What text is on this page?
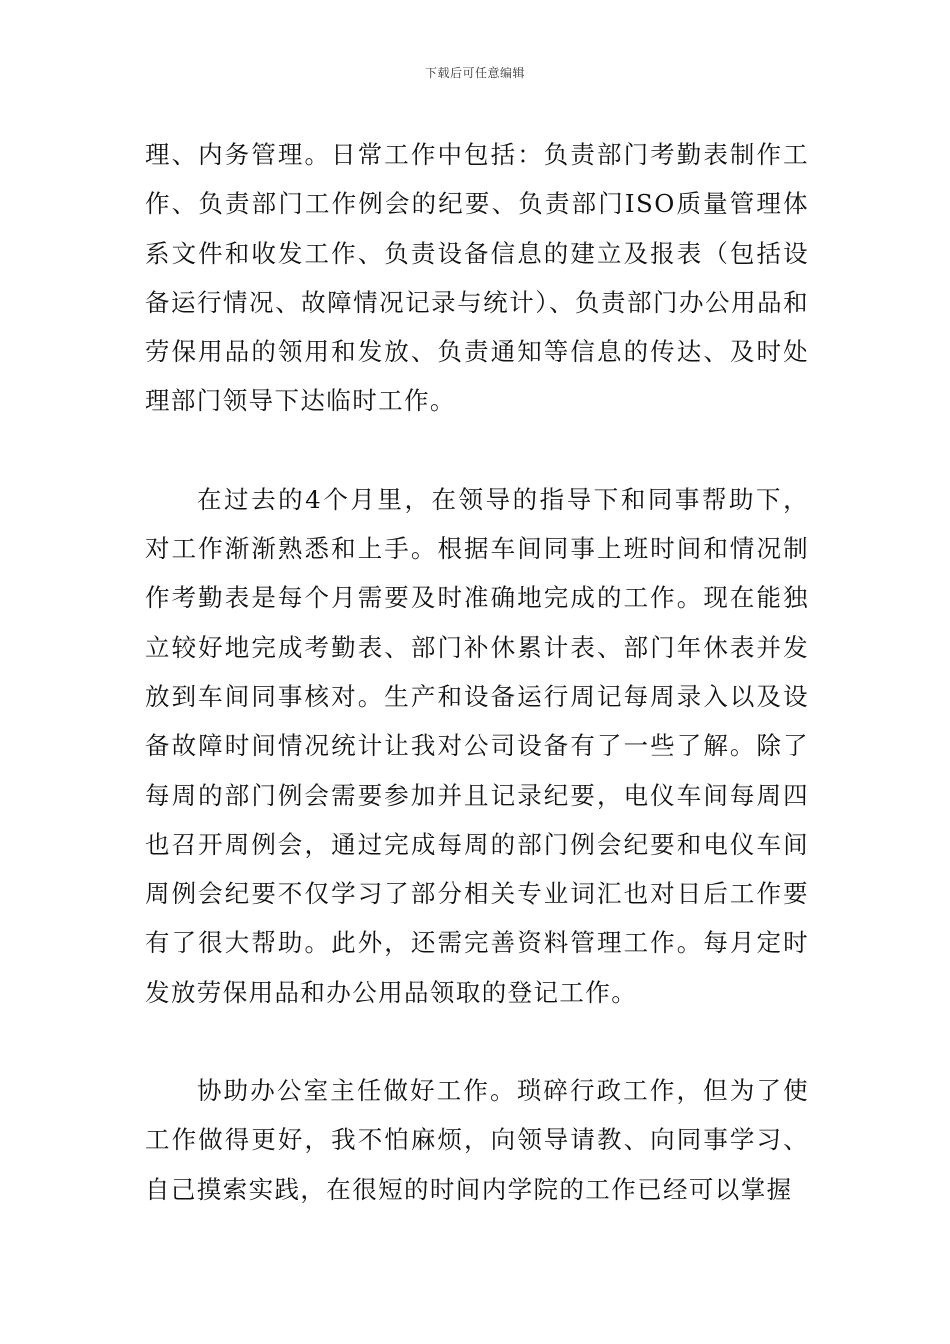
下载后可任意编辑

理、内务管理。日常工作中包括：负责部门考勤表制作工作、负责部门工作例会的纪要、负责部门ISO质量管理体系文件和收发工作、负责设备信息的建立及报表（包括设备运行情况、故障情况记录与统计）、负责部门办公用品和劳保用品的领用和发放、负责通知等信息的传达、及时处理部门领导下达临时工作。

在过去的4个月里，在领导的指导下和同事帮助下，对工作渐渐熟悉和上手。根据车间同事上班时间和情况制作考勤表是每个月需要及时准确地完成的工作。现在能独立较好地完成考勤表、部门补休累计表、部门年休表并发放到车间同事核对。生产和设备运行周记每周录入以及设备故障时间情况统计让我对公司设备有了一些了解。除了每周的部门例会需要参加并且记录纪要，电仪车间每周四也召开周例会，通过完成每周的部门例会纪要和电仪车间周例会纪要不仅学习了部分相关专业词汇也对日后工作要有了很大帮助。此外，还需完善资料管理工作。每月定时发放劳保用品和办公用品领取的登记工作。

协助办公室主任做好工作。琐碎行政工作，但为了使工作做得更好，我不怕麻烦，向领导请教、向同事学习、自己摸索实践，在很短的时间内学院的工作已经可以掌握
